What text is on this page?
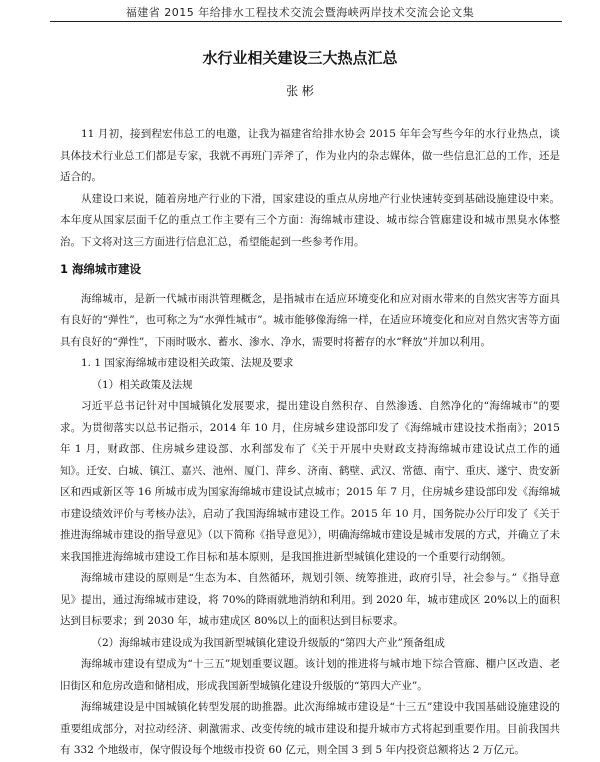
福建省 2015 年给排水工程技术交流会暨海峡两岸技术交流会论文集
水行业相关建设三大热点汇总
张 彬

11 月初，接到程宏伟总工的电邀，让我为福建省给排水协会 2015 年年会写些今年的水行业热点，谈具体技术行业总工们都是专家，我就不再班门弄斧了，作为业内的杂志媒体，做一些信息汇总的工作，还是适合的。

从建设口来说，随着房地产行业的下滑，国家建设的重点从房地产行业快速转变到基础设施建设中来。本年度从国家层面千亿的重点工作主要有三个方面：海绵城市建设、城市综合管廊建设和城市黑臭水体整治。下文将对这三方面进行信息汇总，希望能起到一些参考作用。

1 海绵城市建设

海绵城市，是新一代城市雨洪管理概念，是指城市在适应环境变化和应对雨水带来的自然灾害等方面具有良好的“弹性”，也可称之为“水弹性城市”。城市能够像海绵一样，在适应环境变化和应对自然灾害等方面具有良好的“弹性”，下雨时吸水、蓄水、渗水、净水，需要时将蓄存的水“释放”并加以利用。

1. 1 国家海绵城市建设相关政策、法规及要求

（1）相关政策及法规

习近平总书记针对中国城镇化发展要求，提出建设自然积存、自然渗透、自然净化的“海绵城市”的要求。为贯彻落实以总书记指示，2014 年 10 月，住房城乡建设部印发了《海绵城市建设技术指南》；2015 年 1 月，财政部、住房城乡建设部、水利部发布了《关于开展中央财政支持海绵城市建设试点工作的通知》。迁安、白城、镇江、嘉兴、池州、厦门、萍乡、济南、鹤壁、武汉、常德、南宁、重庆、遂宁、贵安新区和西咸新区等 16 所城市成为国家海绵城市建设试点城市；2015 年 7 月，住房城乡建设部印发《海绵城市建设绩效评价与考核办法》，启动了我国海绵城市建设工作。2015 年 10 月，国务院办公厅印发了《关于推进海绵城市建设的指导意见》（以下简称《指导意见》），明确海绵城市建设是城市发展的方式，并确立了未来我国推进海绵城市建设工作目标和基本原则，是我国推进新型城镇化建设的一个重要行动纲领。

海绵城市建设的原则是“生态为本、自然循环，规划引领、统筹推进，政府引导，社会参与。”《指导意见》提出，通过海绵城市建设，将 70%的降雨就地消纳和利用。到 2020 年，城市建成区 20%以上的面积达到目标要求；到 2030 年，城市建成区 80%以上的面积达到目标要求。

（2）海绵城市建设成为我国新型城镇化建设升级版的“第四大产业”预备组成

海绵城市建设有望成为“十三五”规划重要议题。该计划的推进将与城市地下综合管廊、棚户区改造、老旧街区和危房改造和储相成，形成我国新型城镇化建设升级版的“第四大产业”。

海绵城建设是中国城镇化转型发展的助推器。此次海绵城市建设是“十三五”建设中我国基础设施建设的重要组成部分，对拉动经济、刺激需求、改变传统的城市建设和提升城市方式将起到重要作用。目前我国共有 332 个地级市，保守假设每个地级市投资 60 亿元，则全国 3 到 5 年内投资总额将达 2 万亿元。
